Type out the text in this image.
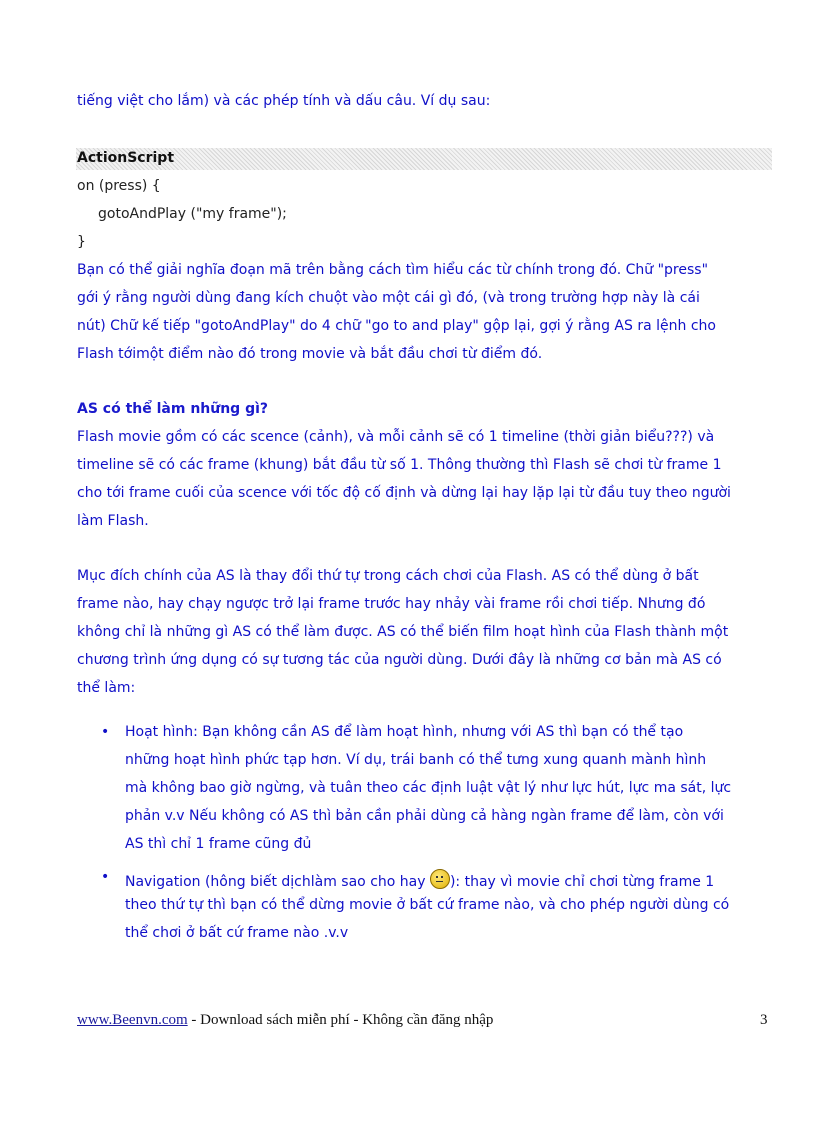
tiếng việt cho lắm) và các phép tính và dấu câu. Ví dụ sau:
ActionScript
on (press) {
gotoAndPlay ("my frame");
}
Bạn có thể giải nghĩa đoạn mã trên bằng cách tìm hiểu các từ chính trong đó. Chữ "press"
gới ý rằng người dùng đang kích chuột vào một cái gì đó, (và trong trường hợp này là cái
nút) Chữ kế tiếp "gotoAndPlay" do 4 chữ "go to and play" gộp lại, gợi ý rằng AS ra lệnh cho
Flash tớimột điểm nào đó trong movie và bắt đầu chơi từ điểm đó.
AS có thể làm những gì?
Flash movie gồm có các scence (cảnh), và mỗi cảnh sẽ có 1 timeline (thời giản biểu???) và
timeline sẽ có các frame (khung) bắt đầu từ số 1. Thông thường thì Flash sẽ chơi từ frame 1
cho tới frame cuối của scence với tốc độ cố định và dừng lại hay lặp lại từ đầu tuy theo người
làm Flash.
Mục đích chính của AS là thay đổi thứ tự trong cách chơi của Flash. AS có thể dùng ở bất
frame nào, hay chạy ngược trở lại frame trước hay nhảy vài frame rồi chơi tiếp. Nhưng đó
không chỉ là những gì AS có thể làm được. AS có thể biến film hoạt hình của Flash thành một
chương trình ứng dụng có sự tương tác của người dùng. Dưới đây là những cơ bản mà AS có
thể làm:
• Hoạt hình: Bạn không cần AS để làm hoạt hình, nhưng với AS thì bạn có thể tạo
những hoạt hình phức tạp hơn. Ví dụ, trái banh có thể tưng xung quanh mành hình
mà không bao giờ ngừng, và tuân theo các định luật vật lý như lực hút, lực ma sát, lực
phản v.v Nếu không có AS thì bản cần phải dùng cả hàng ngàn frame để làm, còn với
AS thì chỉ 1 frame cũng đủ
• Navigation (hông biết dịchlàm sao cho hay ): thay vì movie chỉ chơi từng frame 1
theo thứ tự thì bạn có thể dừng movie ở bất cứ frame nào, và cho phép người dùng có
thể chơi ở bất cứ frame nào .v.v
www.Beenvn.com - Download sách miễn phí - Không cần đăng nhập	3
